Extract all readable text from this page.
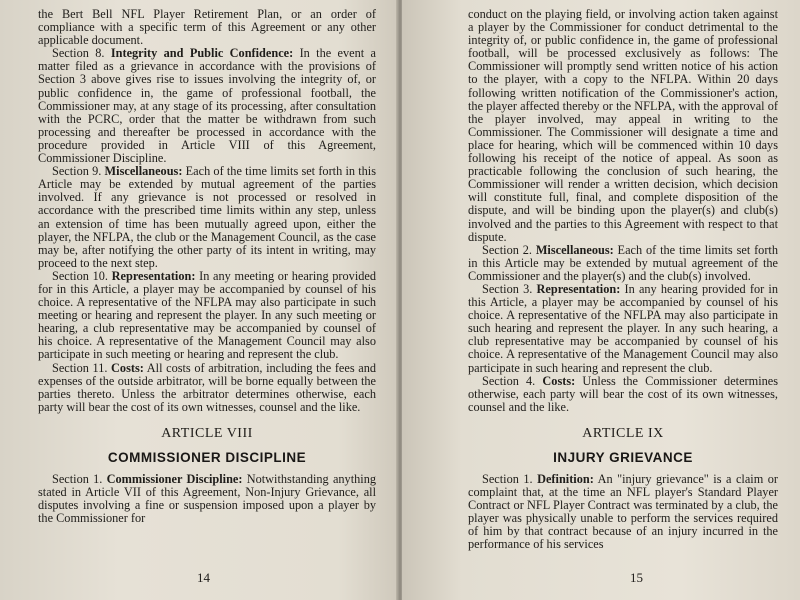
the Bert Bell NFL Player Retirement Plan, or an order of compliance with a specific term of this Agreement or any other applicable document.

Section 8. Integrity and Public Confidence: In the event a matter filed as a grievance in accordance with the provisions of Section 3 above gives rise to issues involving the integrity of, or public confidence in, the game of professional football, the Commissioner may, at any stage of its processing, after consultation with the PCRC, order that the matter be withdrawn from such processing and thereafter be processed in accordance with the procedure provided in Article VIII of this Agreement, Commissioner Discipline.

Section 9. Miscellaneous: Each of the time limits set forth in this Article may be extended by mutual agreement of the parties involved. If any grievance is not processed or resolved in accordance with the prescribed time limits within any step, unless an extension of time has been mutually agreed upon, either the player, the NFLPA, the club or the Management Council, as the case may be, after notifying the other party of its intent in writing, may proceed to the next step.

Section 10. Representation: In any meeting or hearing provided for in this Article, a player may be accompanied by counsel of his choice. A representative of the NFLPA may also participate in such meeting or hearing and represent the player. In any such meeting or hearing, a club representative may be accompanied by counsel of his choice. A representative of the Management Council may also participate in such meeting or hearing and represent the club.

Section 11. Costs: All costs of arbitration, including the fees and expenses of the outside arbitrator, will be borne equally between the parties thereto. Unless the arbitrator determines otherwise, each party will bear the cost of its own witnesses, counsel and the like.

ARTICLE VIII

COMMISSIONER DISCIPLINE

Section 1. Commissioner Discipline: Notwithstanding anything stated in Article VII of this Agreement, Non-Injury Grievance, all disputes involving a fine or suspension imposed upon a player by the Commissioner for

14

conduct on the playing field, or involving action taken against a player by the Commissioner for conduct detrimental to the integrity of, or public confidence in, the game of professional football, will be processed exclusively as follows: The Commissioner will promptly send written notice of his action to the player, with a copy to the NFLPA. Within 20 days following written notification of the Commissioner's action, the player affected thereby or the NFLPA, with the approval of the player involved, may appeal in writing to the Commissioner. The Commissioner will designate a time and place for hearing, which will be commenced within 10 days following his receipt of the notice of appeal. As soon as practicable following the conclusion of such hearing, the Commissioner will render a written decision, which decision will constitute full, final, and complete disposition of the dispute, and will be binding upon the player(s) and club(s) involved and the parties to this Agreement with respect to that dispute.

Section 2. Miscellaneous: Each of the time limits set forth in this Article may be extended by mutual agreement of the Commissioner and the player(s) and the club(s) involved.

Section 3. Representation: In any hearing provided for in this Article, a player may be accompanied by counsel of his choice. A representative of the NFLPA may also participate in such hearing and represent the player. In any such hearing, a club representative may be accompanied by counsel of his choice. A representative of the Management Council may also participate in such hearing and represent the club.

Section 4. Costs: Unless the Commissioner determines otherwise, each party will bear the cost of its own witnesses, counsel and the like.

ARTICLE IX

INJURY GRIEVANCE

Section 1. Definition: An "injury grievance" is a claim or complaint that, at the time an NFL player's Standard Player Contract or NFL Player Contract was terminated by a club, the player was physically unable to perform the services required of him by that contract because of an injury incurred in the performance of his services

15
